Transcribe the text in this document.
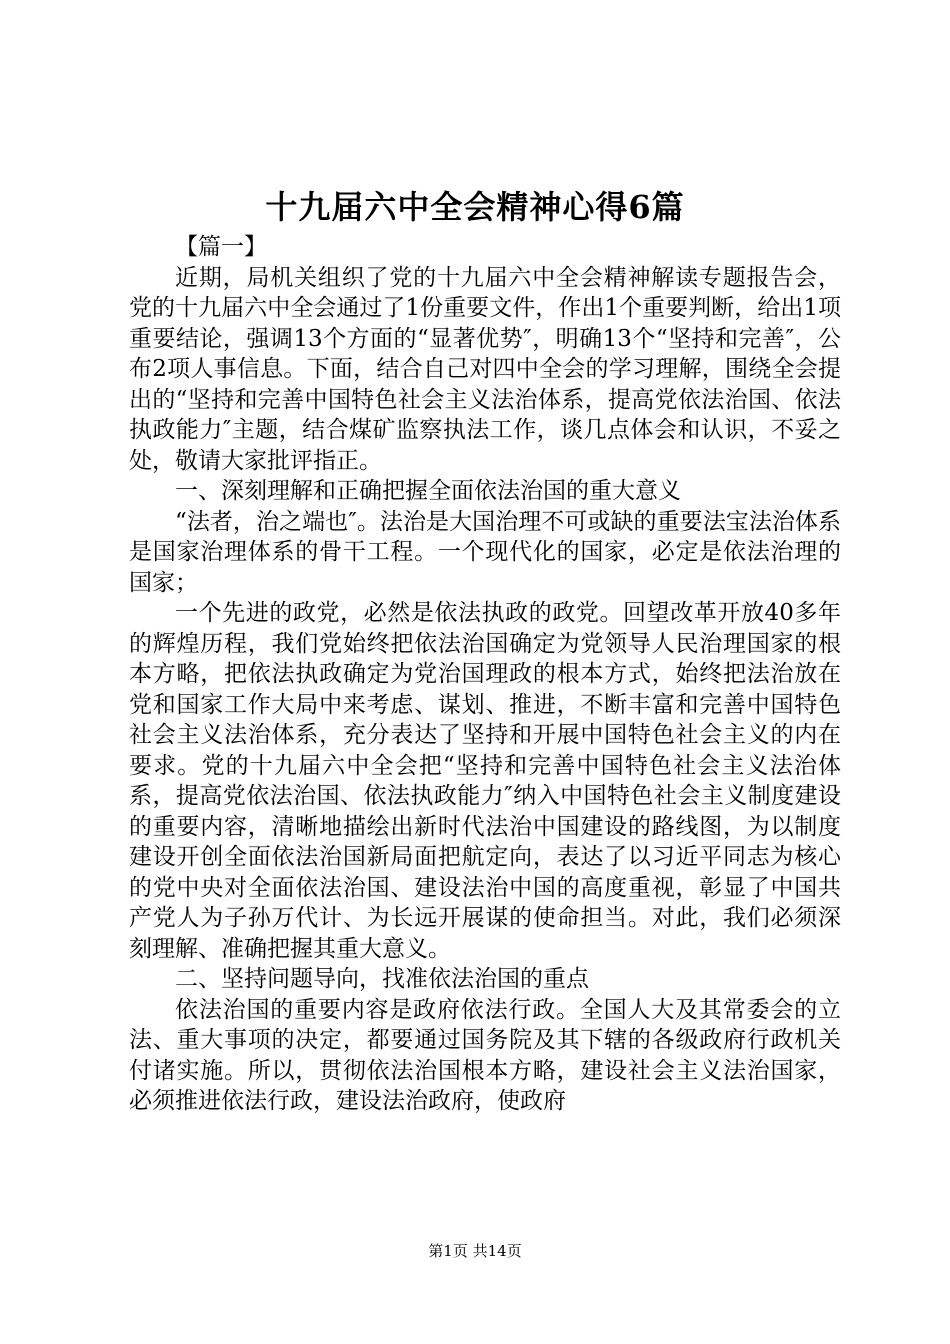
十九届六中全会精神心得6篇

【篇一】

近期，局机关组织了党的十九届六中全会精神解读专题报告会，党的十九届六中全会通过了1份重要文件，作出1个重要判断，给出1项重要结论，强调13个方面的“显著优势″，明确13个“坚持和完善″，公布2项人事信息。下面，结合自己对四中全会的学习理解，围绕全会提出的“坚持和完善中国特色社会主义法治体系，提高党依法治国、依法执政能力″主题，结合煤矿监察执法工作，谈几点体会和认识，不妥之处，敬请大家批评指正。

一、深刻理解和正确把握全面依法治国的重大意义

“法者，治之端也″。法治是大国治理不可或缺的重要法宝法治体系是国家治理体系的骨干工程。一个现代化的国家，必定是依法治理的国家；

一个先进的政党，必然是依法执政的政党。回望改革开放40多年的辉煌历程，我们党始终把依法治国确定为党领导人民治理国家的根本方略，把依法执政确定为党治国理政的根本方式，始终把法治放在党和国家工作大局中来考虑、谋划、推进，不断丰富和完善中国特色社会主义法治体系，充分表达了坚持和开展中国特色社会主义的内在要求。党的十九届六中全会把“坚持和完善中国特色社会主义法治体系，提高党依法治国、依法执政能力″纳入中国特色社会主义制度建设的重要内容，清晰地描绘出新时代法治中国建设的路线图，为以制度建设开创全面依法治国新局面把航定向，表达了以习近平同志为核心的党中央对全面依法治国、建设法治中国的高度重视，彰显了中国共产党人为子孙万代计、为长远开展谋的使命担当。对此，我们必须深刻理解、准确把握其重大意义。

二、坚持问题导向，找准依法治国的重点

依法治国的重要内容是政府依法行政。全国人大及其常委会的立法、重大事项的决定，都要通过国务院及其下辖的各级政府行政机关付诸实施。所以，贯彻依法治国根本方略，建设社会主义法治国家，必须推进依法行政，建设法治政府，使政府

第1页 共14页
